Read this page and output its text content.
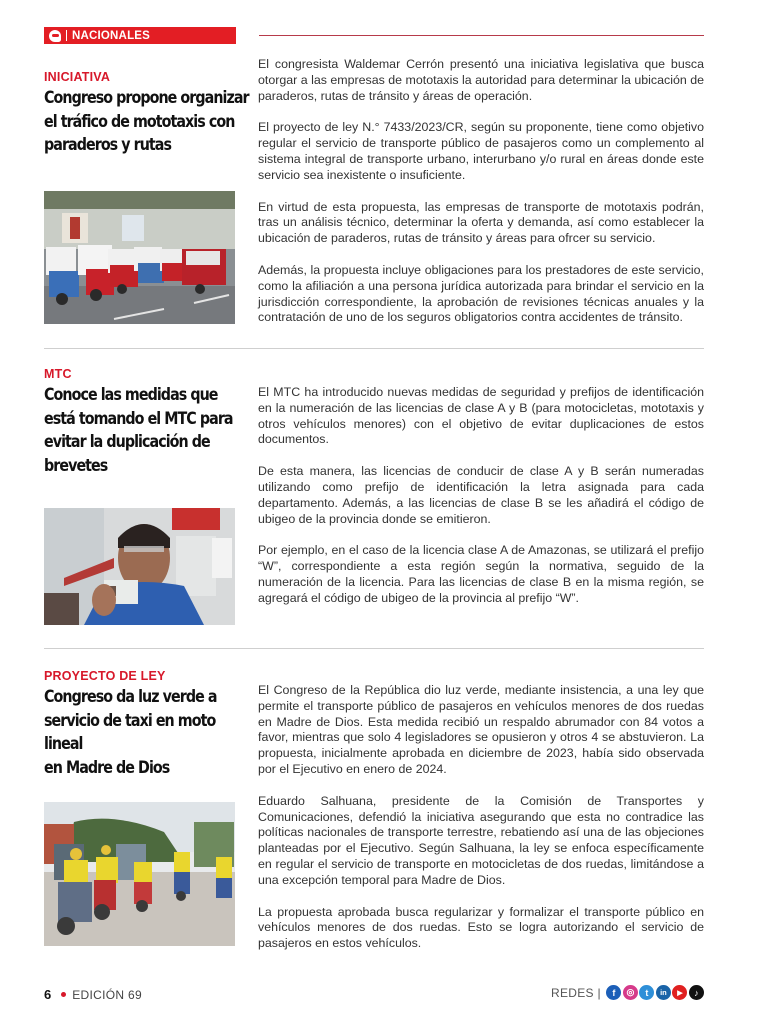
NACIONALES

INICIATIVA

Congreso propone organizar
el tráfico de mototaxis con
paraderos y rutas

El congresista Waldemar Cerrón presentó una iniciativa legislativa que busca otorgar a las empresas de mototaxis la autoridad para determinar la ubicación de paraderos, rutas de tránsito y áreas de operación.

El proyecto de ley N.° 7433/2023/CR, según su proponente, tiene como objetivo regular el servicio de transporte público de pasajeros como un complemento al sistema integral de transporte urbano, interurbano y/o rural en áreas donde este servicio sea inexistente o insuficiente.

En virtud de esta propuesta, las empresas de transporte de mototaxis podrán, tras un análisis técnico, determinar la oferta y demanda, así como establecer la ubicación de paraderos, rutas de tránsito y áreas para ofrcer su servicio.

Además, la propuesta incluye obligaciones para los prestadores de este servicio, como la afiliación a una persona jurídica autorizada para brindar el servicio en la jurisdicción correspondiente, la aprobación de revisiones técnicas anuales y la contratación de uno de los seguros obligatorios contra accidentes de tránsito.

MTC

Conoce las medidas que
está tomando el MTC para
evitar la duplicación de
brevetes

El MTC ha introducido nuevas medidas de seguridad y prefijos de identificación en la numeración de las licencias de clase A y B (para motocicletas, mototaxis y otros vehículos menores) con el objetivo de evitar duplicaciones de estos documentos.

De esta manera, las licencias de conducir de clase A y B serán numeradas utilizando como prefijo de identificación la letra asignada para cada departamento. Además, a las licencias de clase B se les añadirá el código de ubigeo de la provincia donde se emitieron.

Por ejemplo, en el caso de la licencia clase A de Amazonas, se utilizará el prefijo “W”, correspondiente a esta región según la normativa, seguido de la numeración de la licencia. Para las licencias de clase B en la misma región, se agregará el código de ubigeo de la provincia al prefijo “W”.

PROYECTO DE LEY

Congreso da luz verde a
servicio de taxi en moto lineal
en Madre de Dios

El Congreso de la República dio luz verde, mediante insistencia, a una ley que permite el transporte público de pasajeros en vehículos menores de dos ruedas en Madre de Dios. Esta medida recibió un respaldo abrumador con 84 votos a favor, mientras que solo 4 legisladores se opusieron y otros 4 se abstuvieron. La propuesta, inicialmente aprobada en diciembre de 2023, había sido observada por el Ejecutivo en enero de 2024.

Eduardo Salhuana, presidente de la Comisión de Transportes y Comunicaciones, defendió la iniciativa asegurando que esta no contradice las políticas nacionales de transporte terrestre, rebatiendo así una de las objeciones planteadas por el Ejecutivo. Según Salhuana, la ley se enfoca específicamente en regular el servicio de transporte en motocicletas de dos ruedas, limitándose a una excepción temporal para Madre de Dios.

La propuesta aprobada busca regularizar y formalizar el transporte público en vehículos menores de dos ruedas. Esto se logra autorizando el servicio de pasajeros en estos vehículos.

6 EDICIÓN 69	REDES |	f	◎	t	in	▶	♪
